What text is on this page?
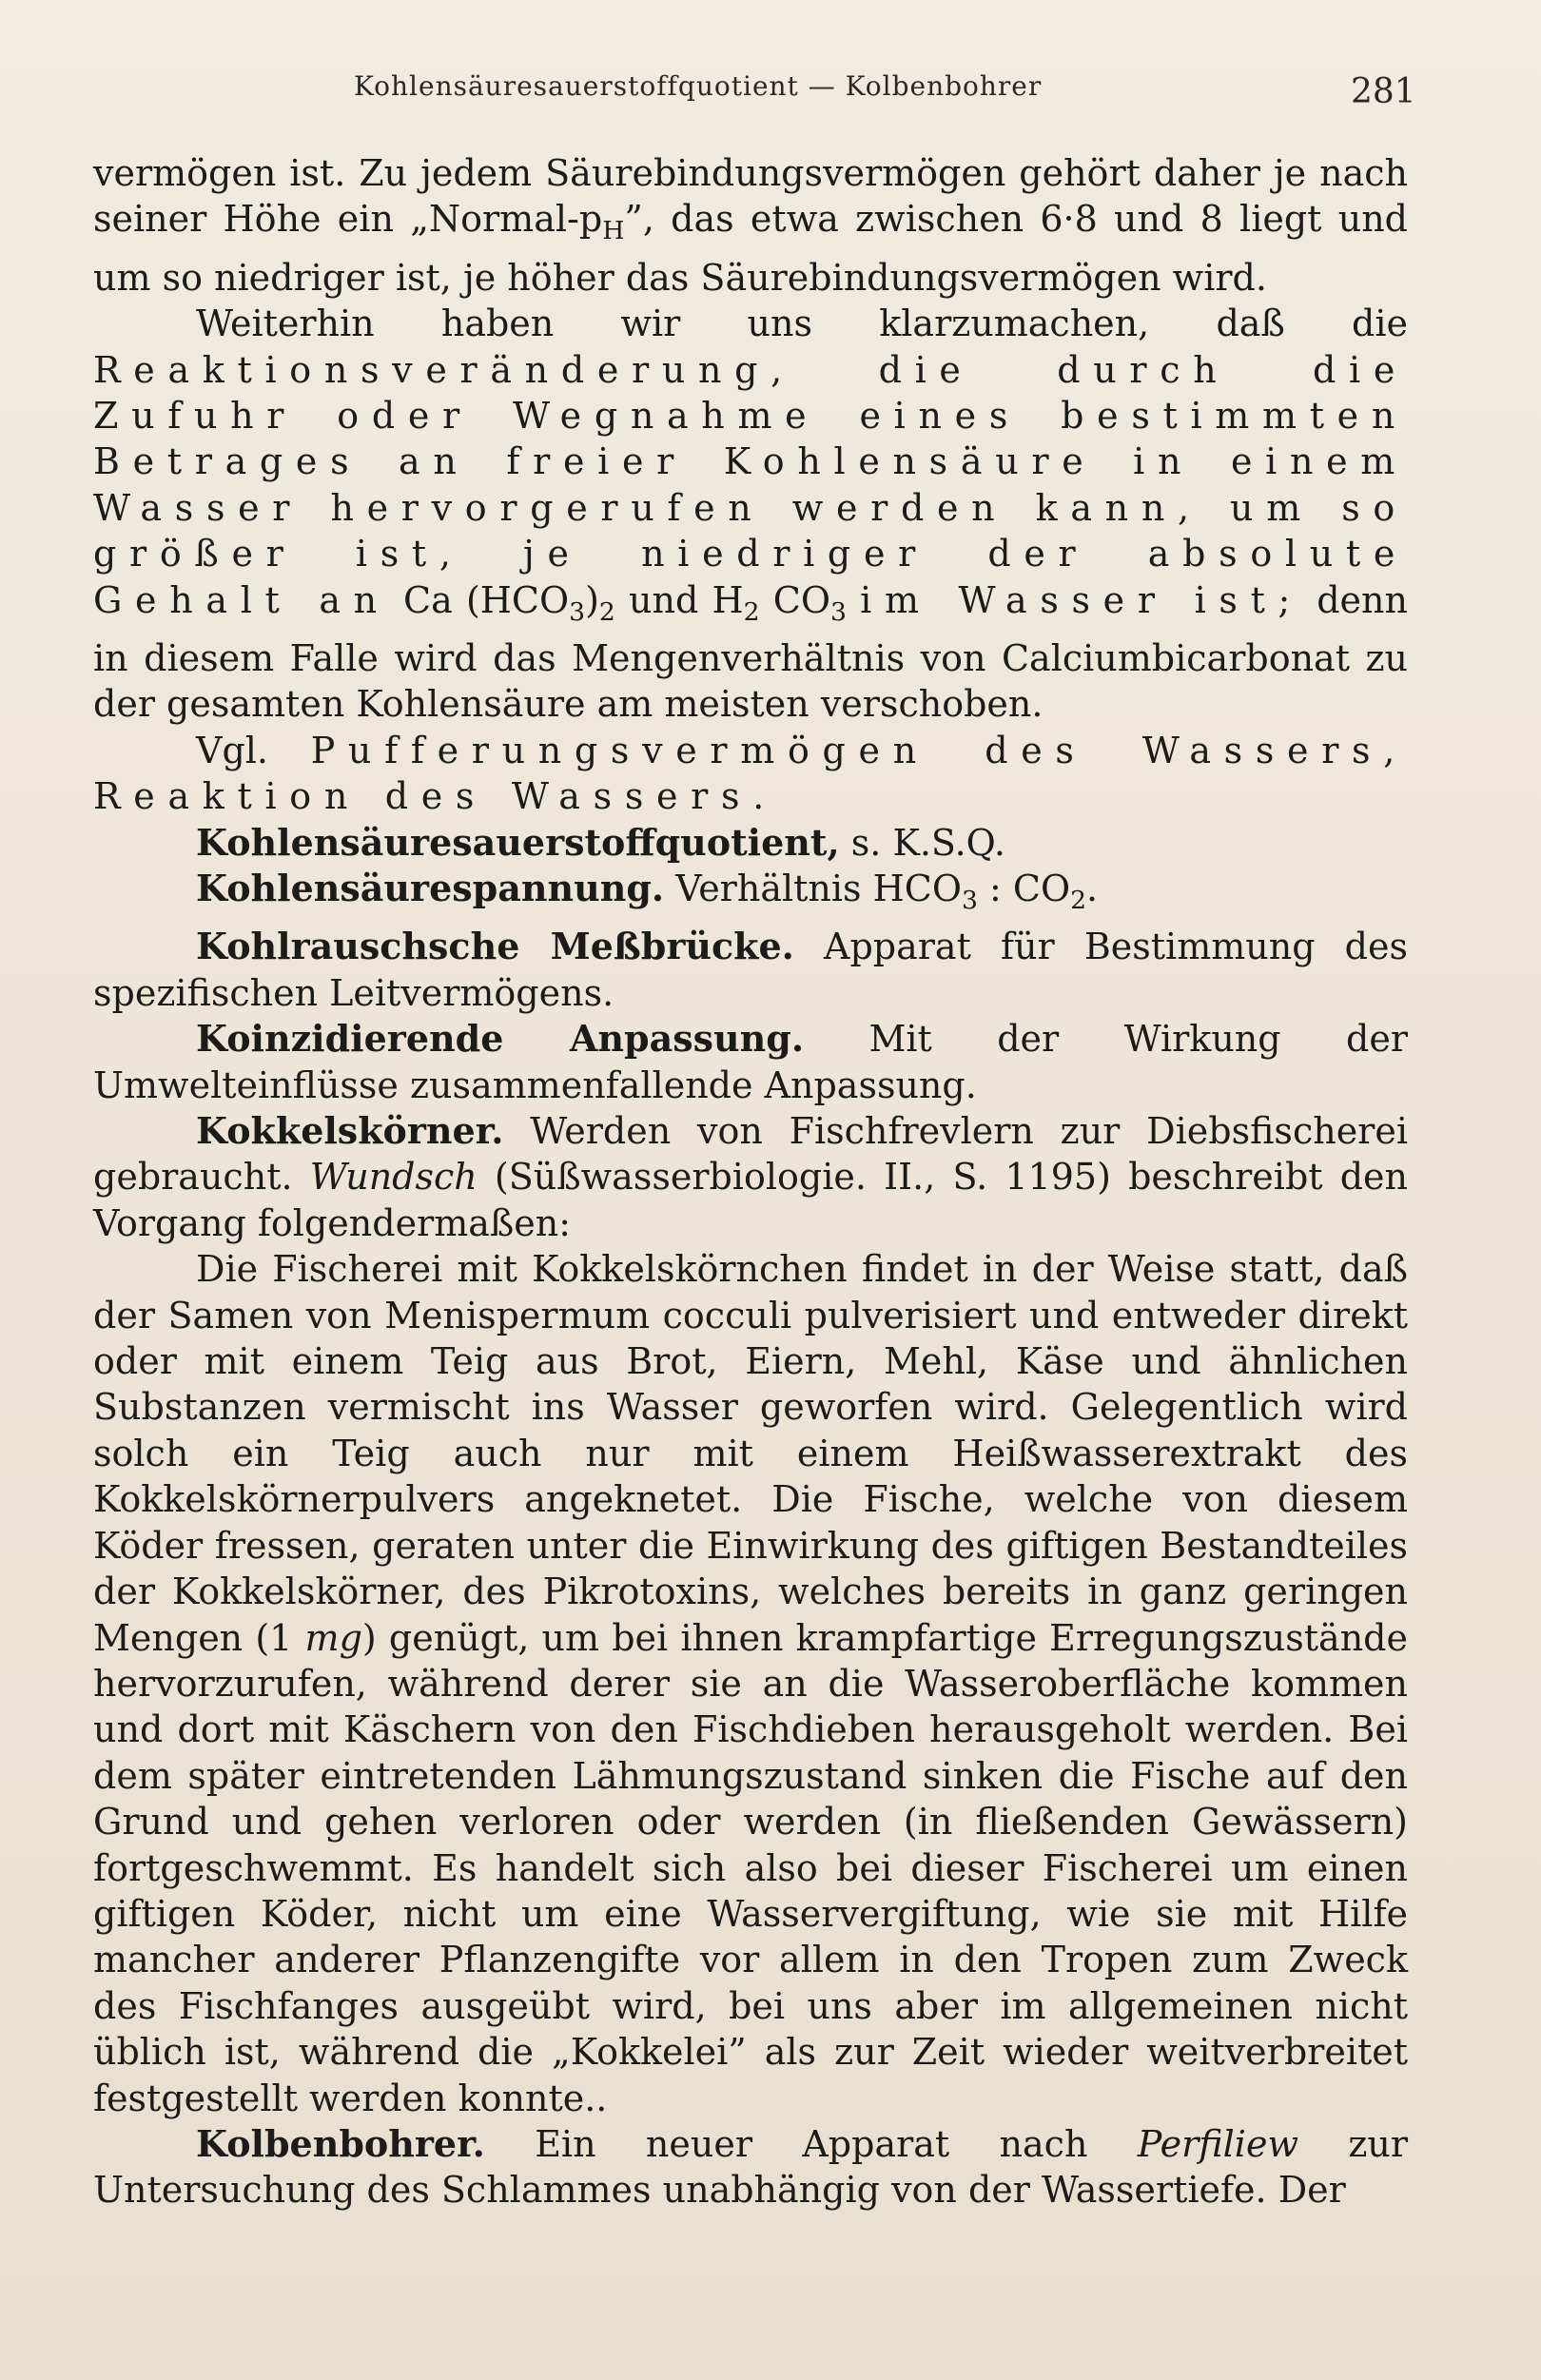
Kohlensäuresauerstoffquotient — Kolbenbohrer	281

vermögen ist. Zu jedem Säurebindungsvermögen gehört daher je nach seiner Höhe ein $„Normal-p_H$”, das etwa zwischen 6·8 und 8 liegt und um so niedriger ist, je höher das Säurebindungsvermögen wird.

Weiterhin haben wir uns klarzumachen, daß die Reaktionsveränderung, die durch die Zufuhr oder Wegnahme eines bestimmten Betrages an freier Kohlensäure in einem Wasser hervorgerufen werden kann, um so größer ist, je niedriger der absolute Gehalt an Ca $(HCO_3)_2$ und $H_2$ $CO_3$ im Wasser ist; denn in diesem Falle wird das Mengenverhältnis von Calciumbicarbonat zu der gesamten Kohlensäure am meisten verschoben.

Vgl. Pufferungsvermögen des Wassers, Reaktion des Wassers.

Kohlensäuresauerstoffquotient, s. K.S.Q.

Kohlensäurespannung. Verhältnis $HCO_3$ : $CO_2$.

Kohlrauschsche Meßbrücke. Apparat für Bestimmung des spezifischen Leitvermögens.

Koinzidierende Anpassung. Mit der Wirkung der Umwelteinflüsse zusammenfallende Anpassung.

Kokkelskörner. Werden von Fischfrevlern zur Diebsfischerei gebraucht. Wundsch (Süßwasserbiologie. II., S. 1195) beschreibt den Vorgang folgendermaßen:

Die Fischerei mit Kokkelskörnchen findet in der Weise statt, daß der Samen von Menispermum cocculi pulverisiert und entweder direkt oder mit einem Teig aus Brot, Eiern, Mehl, Käse und ähnlichen Substanzen vermischt ins Wasser geworfen wird. Gelegentlich wird solch ein Teig auch nur mit einem Heißwasserextrakt des Kokkelskörnerpulvers angeknetet. Die Fische, welche von diesem Köder fressen, geraten unter die Einwirkung des giftigen Bestandteiles der Kokkelskörner, des Pikrotoxins, welches bereits in ganz geringen Mengen (1 mg) genügt, um bei ihnen krampfartige Erregungszustände hervorzurufen, während derer sie an die Wasseroberfläche kommen und dort mit Käschern von den Fischdieben herausgeholt werden. Bei dem später eintretenden Lähmungszustand sinken die Fische auf den Grund und gehen verloren oder werden (in fließenden Gewässern) fortgeschwemmt. Es handelt sich also bei dieser Fischerei um einen giftigen Köder, nicht um eine Wasservergiftung, wie sie mit Hilfe mancher anderer Pflanzengifte vor allem in den Tropen zum Zweck des Fischfanges ausgeübt wird, bei uns aber im allgemeinen nicht üblich ist, während die „Kokkelei” als zur Zeit wieder weitverbreitet festgestellt werden konnte..

Kolbenbohrer. Ein neuer Apparat nach Perfiliew zur Untersuchung des Schlammes unabhängig von der Wassertiefe. Der
